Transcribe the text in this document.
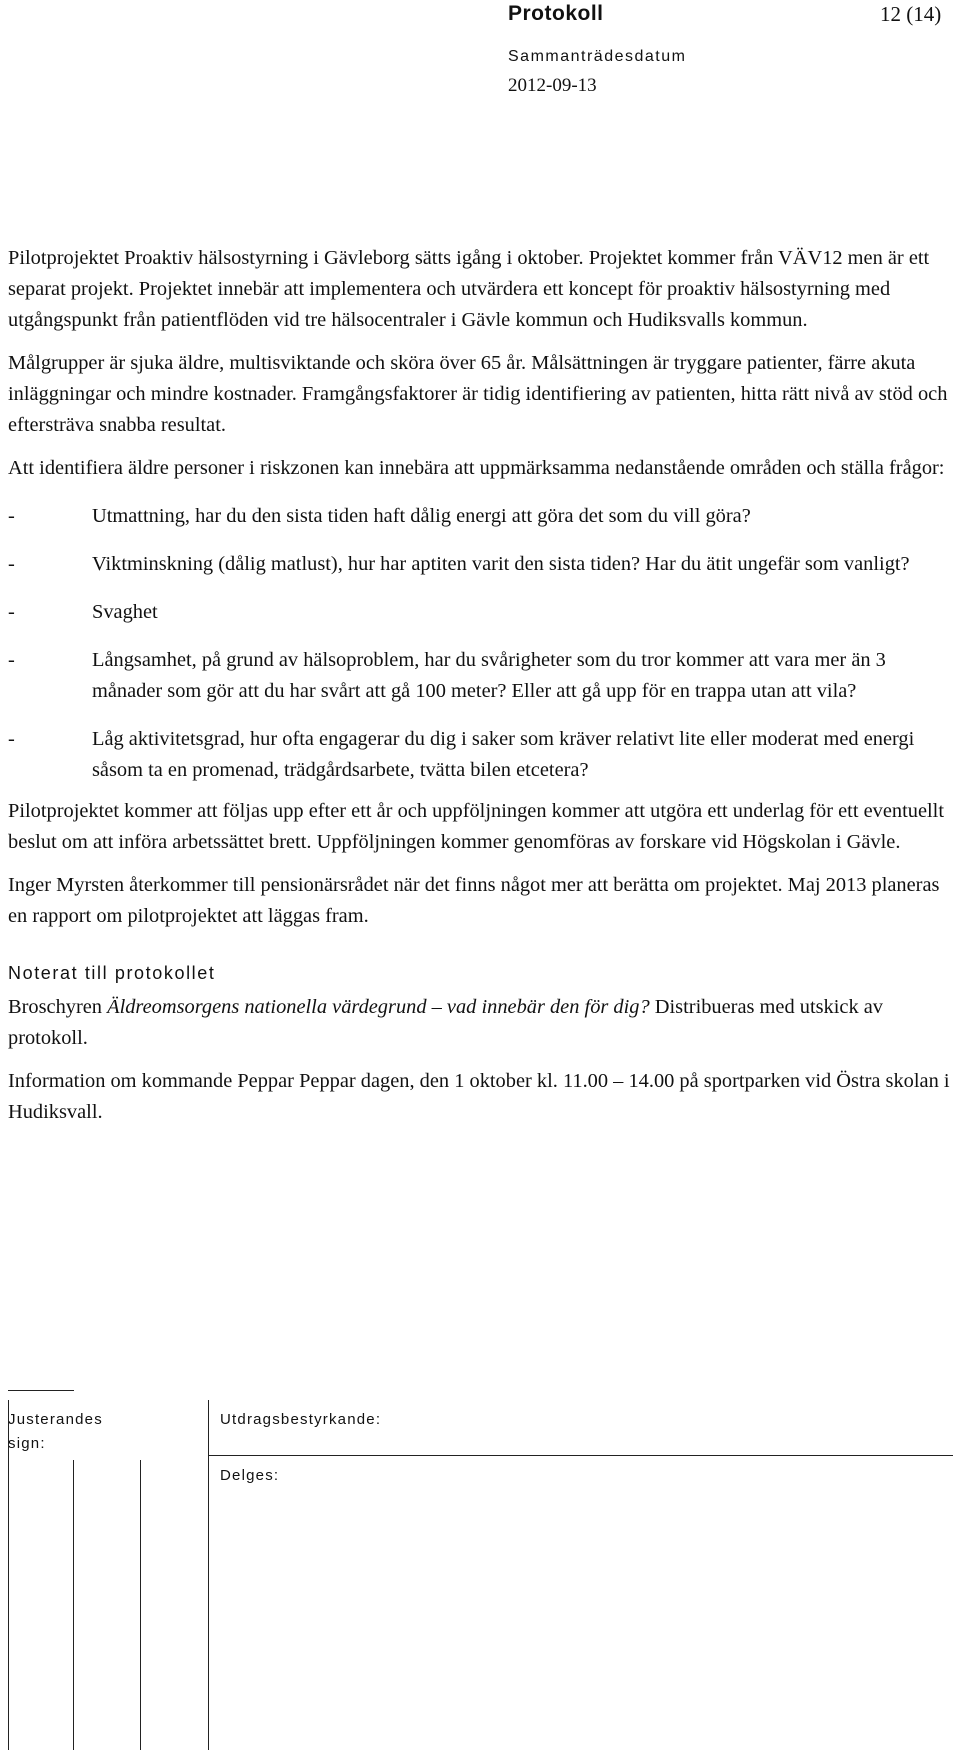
Protokoll	12 (14)
Sammanträdesdatum
2012-09-13

Pilotprojektet Proaktiv hälsostyrning i Gävleborg sätts igång i oktober. Projektet kommer från VÄV12 men är ett separat projekt. Projektet innebär att implementera och utvärdera ett koncept för proaktiv hälsostyrning med utgångspunkt från patientflöden vid tre hälsocentraler i Gävle kommun och Hudiksvalls kommun.

Målgrupper är sjuka äldre, multisviktande och sköra över 65 år. Målsättningen är tryggare patienter, färre akuta inläggningar och mindre kostnader. Framgångsfaktorer är tidig identifiering av patienten, hitta rätt nivå av stöd och eftersträva snabba resultat.

Att identifiera äldre personer i riskzonen kan innebära att uppmärksamma nedanstående områden och ställa frågor:

-	Utmattning, har du den sista tiden haft dålig energi att göra det som du vill göra?
-	Viktminskning (dålig matlust), hur har aptiten varit den sista tiden? Har du ätit ungefär som vanligt?
-	Svaghet
-	Långsamhet, på grund av hälsoproblem, har du svårigheter som du tror kommer att vara mer än 3 månader som gör att du har svårt att gå 100 meter? Eller att gå upp för en trappa utan att vila?
-	Låg aktivitetsgrad, hur ofta engagerar du dig i saker som kräver relativt lite eller moderat med energi såsom ta en promenad, trädgårdsarbete, tvätta bilen etcetera?

Pilotprojektet kommer att följas upp efter ett år och uppföljningen kommer att utgöra ett underlag för ett eventuellt beslut om att införa arbetssättet brett. Uppföljningen kommer genomföras av forskare vid Högskolan i Gävle.

Inger Myrsten återkommer till pensionärsrådet när det finns något mer att berätta om projektet. Maj 2013 planeras en rapport om pilotprojektet att läggas fram.

Noterat till protokollet

Broschyren Äldreomsorgens nationella värdegrund – vad innebär den för dig? Distribueras med utskick av protokoll.

Information om kommande Peppar Peppar dagen, den 1 oktober kl. 11.00 – 14.00 på sportparken vid Östra skolan i Hudiksvall.

Justerandes sign:
Utdragsbestyrkande:
Delges:
